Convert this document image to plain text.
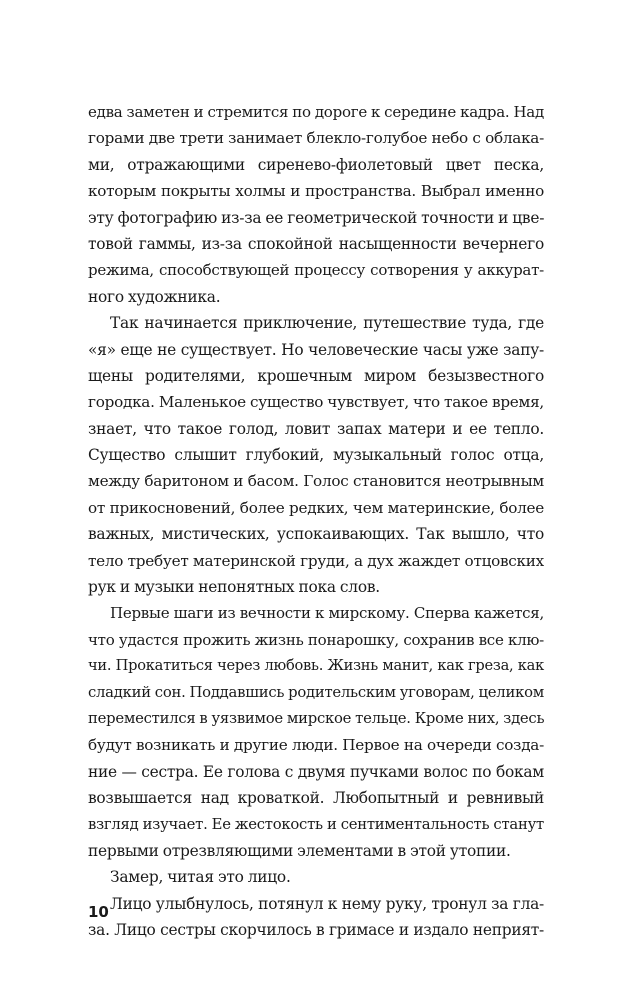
едва заметен и стремится по дороге к середине кадра. Над
горами две трети занимает блекло-голубое небо с облака-
ми, отражающими сиренево-фиолетовый цвет песка,
которым покрыты холмы и пространства. Выбрал именно
эту фотографию из-за ее геометрической точности и цве-
товой гаммы, из-за спокойной насыщенности вечернего
режима, способствующей процессу сотворения у аккурат-
ного художника.
Так начинается приключение, путешествие туда, где
«я» еще не существует. Но человеческие часы уже запу-
щены родителями, крошечным миром безызвестного
городка. Маленькое существо чувствует, что такое время,
знает, что такое голод, ловит запах матери и ее тепло.
Существо слышит глубокий, музыкальный голос отца,
между баритоном и басом. Голос становится неотрывным
от прикосновений, более редких, чем материнские, более
важных, мистических, успокаивающих. Так вышло, что
тело требует материнской груди, а дух жаждет отцовских
рук и музыки непонятных пока слов.
Первые шаги из вечности к мирскому. Сперва кажется,
что удастся прожить жизнь понарошку, сохранив все клю-
чи. Прокатиться через любовь. Жизнь манит, как греза, как
сладкий сон. Поддавшись родительским уговорам, целиком
переместился в уязвимое мирское тельце. Кроме них, здесь
будут возникать и другие люди. Первое на очереди созда-
ние — сестра. Ее голова с двумя пучками волос по бокам
возвышается над кроваткой. Любопытный и ревнивый
взгляд изучает. Ее жестокость и сентиментальность станут
первыми отрезвляющими элементами в этой утопии.
Замер, читая это лицо.
Лицо улыбнулось, потянул к нему руку, тронул за гла-
за. Лицо сестры скорчилось в гримасе и издало неприят-
10
